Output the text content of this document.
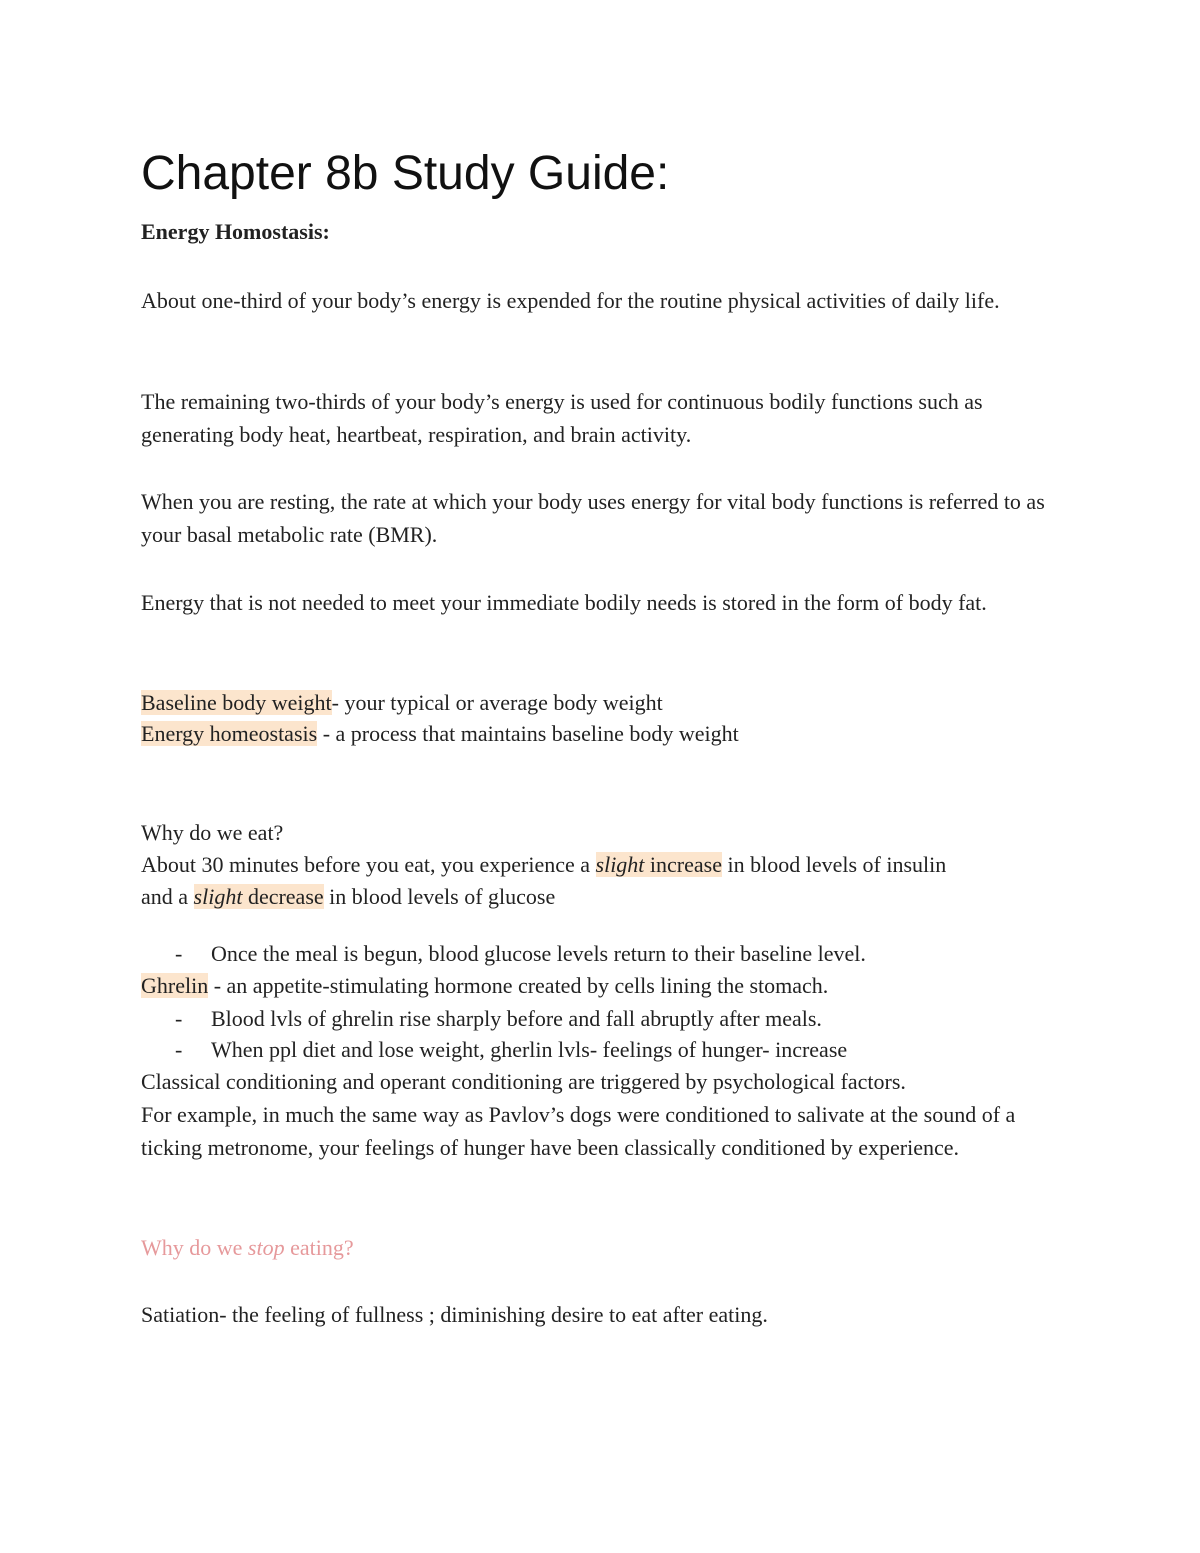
Chapter 8b Study Guide:
Energy Homostasis:

About one-third of your body’s energy is expended for the routine physical activities of daily life.

The remaining two-thirds of your body’s energy is used for continuous bodily functions such as generating body heat, heartbeat, respiration, and brain activity.

When you are resting, the rate at which your body uses energy for vital body functions is referred to as your basal metabolic rate (BMR).

Energy that is not needed to meet your immediate bodily needs is stored in the form of body fat.

Baseline body weight- your typical or average body weight
Energy homeostasis - a process that maintains baseline body weight
Why do we eat?
About 30 minutes before you eat, you experience a slight increase in blood levels of insulin
and a slight decrease in blood levels of glucose
- Once the meal is begun, blood glucose levels return to their baseline level.
Ghrelin - an appetite-stimulating hormone created by cells lining the stomach.
- Blood lvls of ghrelin rise sharply before and fall abruptly after meals.
- When ppl diet and lose weight, gherlin lvls- feelings of hunger- increase
Classical conditioning and operant conditioning are triggered by psychological factors.

For example, in much the same way as Pavlov’s dogs were conditioned to salivate at the sound of a ticking metronome, your feelings of hunger have been classically conditioned by experience.

Why do we stop eating?
Satiation- the feeling of fullness ; diminishing desire to eat after eating.
